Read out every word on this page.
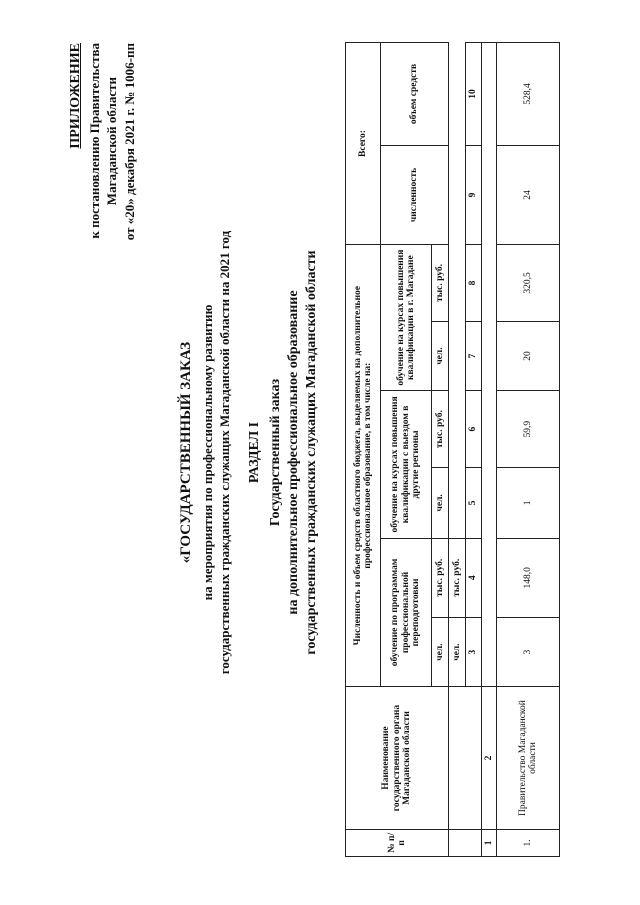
ПРИЛОЖЕНИЕ к постановлению Правительства Магаданской области от «20» декабря 2021 г. № 1006-пп
«ГОСУДАРСТВЕННЫЙ ЗАКАЗ на мероприятия по профессиональному развитию государственных гражданских служащих Магаданской области на 2021 год РАЗДЕЛ I Государственный заказ на дополнительное профессиональное образование государственных гражданских служащих Магаданской области
№ п/п	Наименование государственного органа Магаданской области	Численность и объем средств областного бюджета, выделяемых на дополнительное профессиональное образование, в том числе на:						Всего:	
		обучение по программам профессиональной переподготовки		обучение на курсах повышения квалификации с выездом в другие регионы		обучение на курсах повышения квалификации в г. Магадане		численность	объем средств
		чел.	тыс. руб.	чел.	тыс. руб.	чел.	тыс. руб.		
		чел.	тыс. руб.						
		3	4	5	6	7	8	9	10
1	2								
1.	Правительство Магаданской области	3	148,0	1	59,9	20	320,5	24	528,4
